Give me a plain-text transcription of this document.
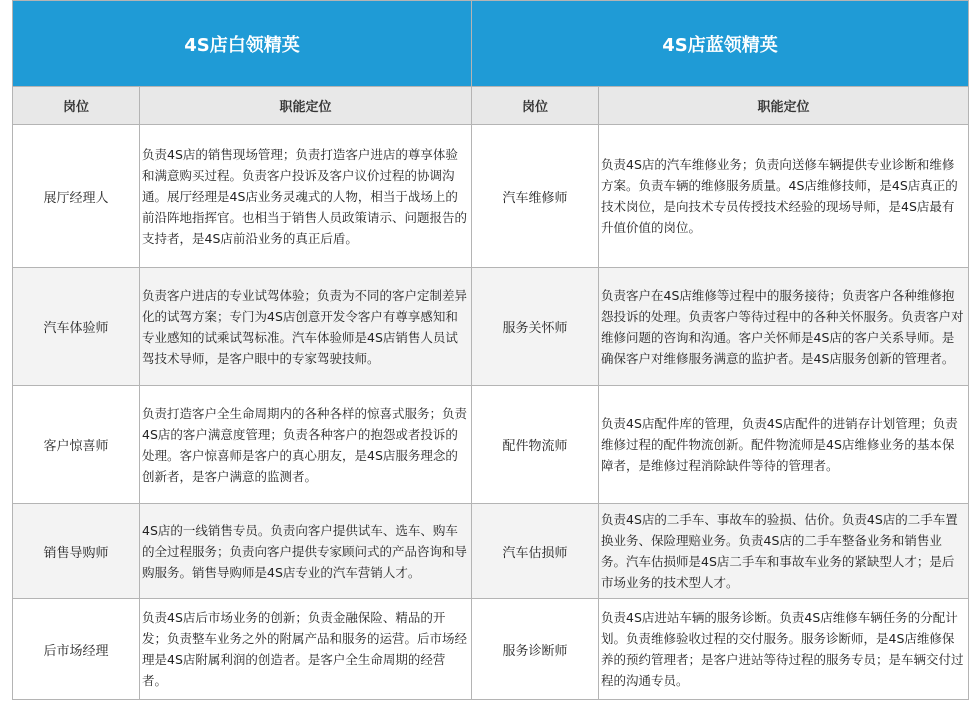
4S店白领精英		4S店蓝领精英	
岗位	职能定位	岗位	职能定位
展厅经理人	负责4S店的销售现场管理；负责打造客户进店的尊享体验和满意购买过程。负责客户投诉及客户议价过程的协调沟通。展厅经理是4S店业务灵魂式的人物，相当于战场上的前沿阵地指挥官。也相当于销售人员政策请示、问题报告的支持者，是4S店前沿业务的真正后盾。	汽车维修师	负责4S店的汽车维修业务；负责向送修车辆提供专业诊断和维修方案。负责车辆的维修服务质量。4S店维修技师，是4S店真正的技术岗位，是向技术专员传授技术经验的现场导师，是4S店最有升值价值的岗位。
汽车体验师	负责客户进店的专业试驾体验；负责为不同的客户定制差异化的试驾方案；专门为4S店创意开发令客户有尊享感知和专业感知的试乘试驾标准。汽车体验师是4S店销售人员试驾技术导师，是客户眼中的专家驾驶技师。	服务关怀师	负责客户在4S店维修等过程中的服务接待；负责客户各种维修抱怨投诉的处理。负责客户等待过程中的各种关怀服务。负责客户对维修问题的咨询和沟通。客户关怀师是4S店的客户关系导师。是确保客户对维修服务满意的监护者。是4S店服务创新的管理者。
客户惊喜师	负责打造客户全生命周期内的各种各样的惊喜式服务；负责4S店的客户满意度管理；负责各种客户的抱怨或者投诉的处理。客户惊喜师是客户的真心朋友，是4S店服务理念的创新者，是客户满意的监测者。	配件物流师	负责4S店配件库的管理，负责4S店配件的进销存计划管理；负责维修过程的配件物流创新。配件物流师是4S店维修业务的基本保障者，是维修过程消除缺件等待的管理者。
销售导购师	4S店的一线销售专员。负责向客户提供试车、选车、购车的全过程服务；负责向客户提供专家顾问式的产品咨询和导购服务。销售导购师是4S店专业的汽车营销人才。	汽车估损师	负责4S店的二手车、事故车的验损、估价。负责4S店的二手车置换业务、保险理赔业务。负责4S店的二手车整备业务和销售业务。汽车估损师是4S店二手车和事故车业务的紧缺型人才；是后市场业务的技术型人才。
后市场经理	负责4S店后市场业务的创新；负责金融保险、精品的开发；负责整车业务之外的附属产品和服务的运营。后市场经理是4S店附属利润的创造者。是客户全生命周期的经营者。	服务诊断师	负责4S店进站车辆的服务诊断。负责4S店维修车辆任务的分配计划。负责维修验收过程的交付服务。服务诊断师，是4S店维修保养的预约管理者；是客户进站等待过程的服务专员；是车辆交付过程的沟通专员。
